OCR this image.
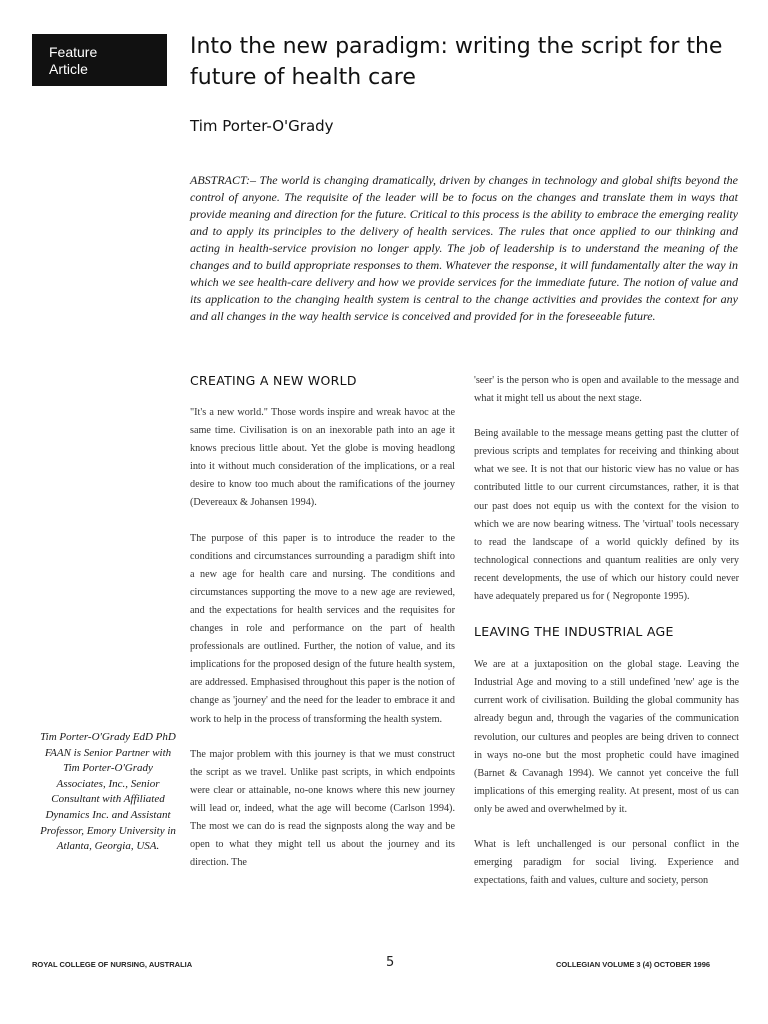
Feature
Article
Into the new paradigm: writing the script for the future of health care
Tim Porter-O'Grady

ABSTRACT:– The world is changing dramatically, driven by changes in technology and global shifts beyond the control of anyone. The requisite of the leader will be to focus on the changes and translate them in ways that provide meaning and direction for the future. Critical to this process is the ability to embrace the emerging reality and to apply its principles to the delivery of health services. The rules that once applied to our thinking and acting in health-service provision no longer apply. The job of leadership is to understand the meaning of the changes and to build appropriate responses to them. Whatever the response, it will fundamentally alter the way in which we see health-care delivery and how we provide services for the immediate future. The notion of value and its application to the changing health system is central to the change activities and provides the context for any and all changes in the way health service is conceived and provided for in the foreseeable future.

CREATING A NEW WORLD

"It's a new world." Those words inspire and wreak havoc at the same time. Civilisation is on an inexorable path into an age it knows precious little about. Yet the globe is moving headlong into it without much consideration of the implications, or a real desire to know too much about the ramifications of the journey (Devereaux & Johansen 1994).

The purpose of this paper is to introduce the reader to the conditions and circumstances surrounding a paradigm shift into a new age for health care and nursing. The conditions and circumstances supporting the move to a new age are reviewed, and the expectations for health services and the requisites for changes in role and performance on the part of health professionals are outlined. Further, the notion of value, and its implications for the proposed design of the future health system, are addressed. Emphasised throughout this paper is the notion of change as 'journey' and the need for the leader to embrace it and work to help in the process of transforming the health system.

The major problem with this journey is that we must construct the script as we travel. Unlike past scripts, in which endpoints were clear or attainable, no-one knows where this new journey will lead or, indeed, what the age will become (Carlson 1994). The most we can do is read the signposts along the way and be open to what they might tell us about the journey and its direction. The

'seer' is the person who is open and available to the message and what it might tell us about the next stage.

Being available to the message means getting past the clutter of previous scripts and templates for receiving and thinking about what we see. It is not that our historic view has no value or has contributed little to our current circumstances, rather, it is that our past does not equip us with the context for the vision to which we are now bearing witness. The 'virtual' tools necessary to read the landscape of a world quickly defined by its technological connections and quantum realities are only very recent developments, the use of which our history could never have adequately prepared us for ( Negroponte 1995).

LEAVING THE INDUSTRIAL AGE

We are at a juxtaposition on the global stage. Leaving the Industrial Age and moving to a still undefined 'new' age is the current work of civilisation. Building the global community has already begun and, through the vagaries of the communication revolution, our cultures and peoples are being driven to connect in ways no-one but the most prophetic could have imagined (Barnet & Cavanagh 1994). We cannot yet conceive the full implications of this emerging reality. At present, most of us can only be awed and overwhelmed by it.

What is left unchallenged is our personal conflict in the emerging paradigm for social living. Experience and expectations, faith and values, culture and society, person

Tim Porter-O'Grady EdD PhD FAAN is Senior Partner with Tim Porter-O'Grady Associates, Inc., Senior Consultant with Affiliated Dynamics Inc. and Assistant Professor, Emory University in Atlanta, Georgia, USA.

ROYAL COLLEGE OF NURSING, AUSTRALIA	5	COLLEGIAN VOLUME 3 (4) OCTOBER 1996
